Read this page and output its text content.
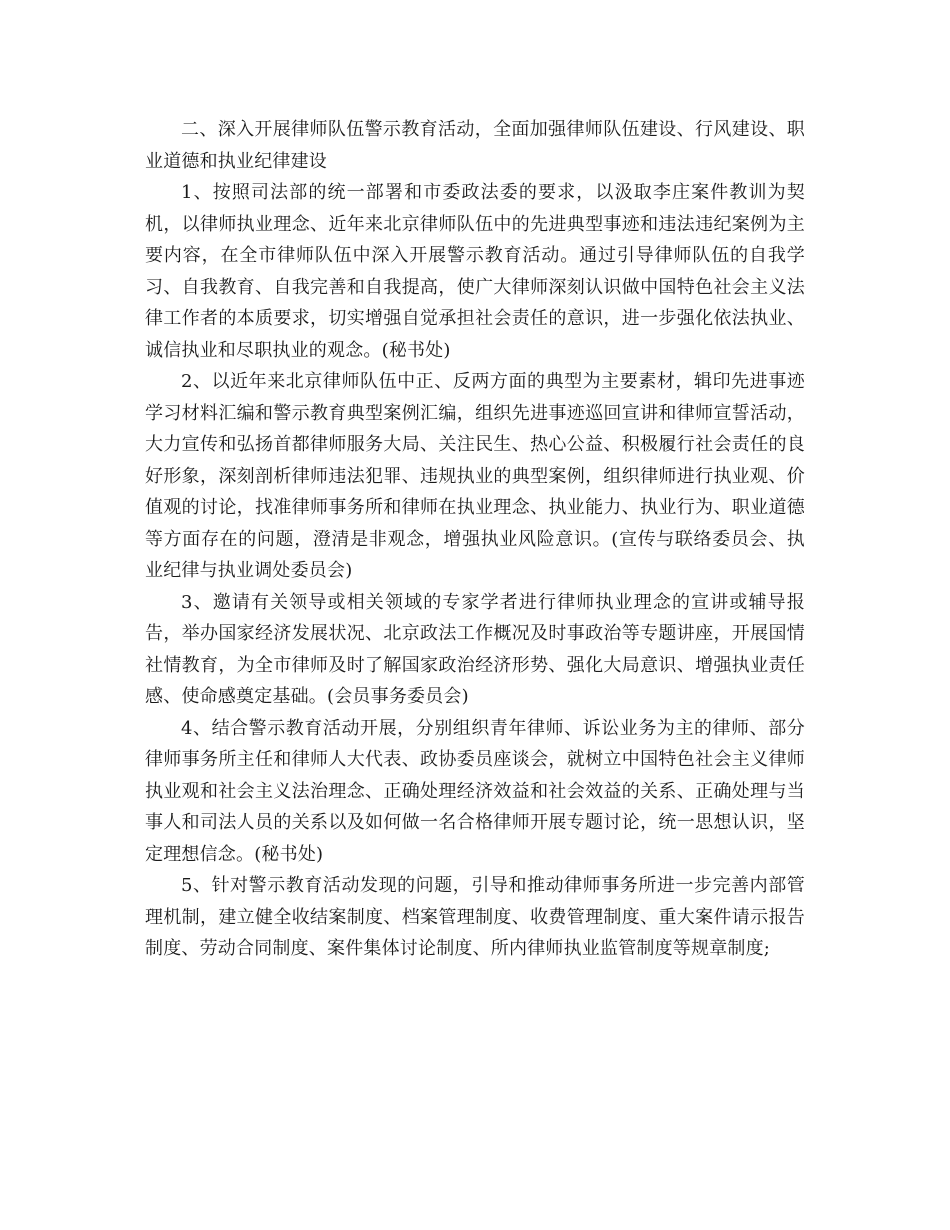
二、深入开展律师队伍警示教育活动，全面加强律师队伍建设、行风建设、职业道德和执业纪律建设

1、按照司法部的统一部署和市委政法委的要求，以汲取李庄案件教训为契机，以律师执业理念、近年来北京律师队伍中的先进典型事迹和违法违纪案例为主要内容，在全市律师队伍中深入开展警示教育活动。通过引导律师队伍的自我学习、自我教育、自我完善和自我提高，使广大律师深刻认识做中国特色社会主义法律工作者的本质要求，切实增强自觉承担社会责任的意识，进一步强化依法执业、诚信执业和尽职执业的观念。(秘书处)

2、以近年来北京律师队伍中正、反两方面的典型为主要素材，辑印先进事迹学习材料汇编和警示教育典型案例汇编，组织先进事迹巡回宣讲和律师宣誓活动，大力宣传和弘扬首都律师服务大局、关注民生、热心公益、积极履行社会责任的良好形象，深刻剖析律师违法犯罪、违规执业的典型案例，组织律师进行执业观、价值观的讨论，找准律师事务所和律师在执业理念、执业能力、执业行为、职业道德等方面存在的问题，澄清是非观念，增强执业风险意识。(宣传与联络委员会、执业纪律与执业调处委员会)

3、邀请有关领导或相关领域的专家学者进行律师执业理念的宣讲或辅导报告，举办国家经济发展状况、北京政法工作概况及时事政治等专题讲座，开展国情社情教育，为全市律师及时了解国家政治经济形势、强化大局意识、增强执业责任感、使命感奠定基础。(会员事务委员会)

4、结合警示教育活动开展，分别组织青年律师、诉讼业务为主的律师、部分律师事务所主任和律师人大代表、政协委员座谈会，就树立中国特色社会主义律师执业观和社会主义法治理念、正确处理经济效益和社会效益的关系、正确处理与当事人和司法人员的关系以及如何做一名合格律师开展专题讨论，统一思想认识，坚定理想信念。(秘书处)

5、针对警示教育活动发现的问题，引导和推动律师事务所进一步完善内部管理机制，建立健全收结案制度、档案管理制度、收费管理制度、重大案件请示报告制度、劳动合同制度、案件集体讨论制度、所内律师执业监管制度等规章制度;
